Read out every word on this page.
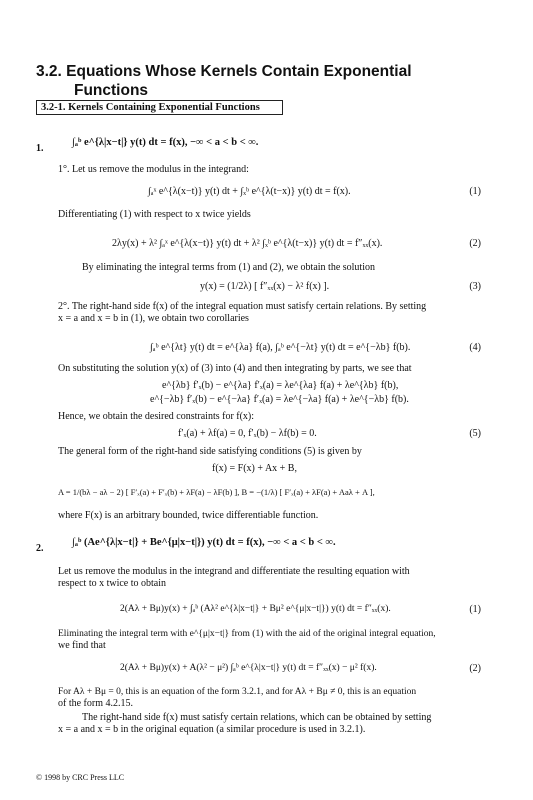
3.2. Equations Whose Kernels Contain Exponential
Functions
3.2-1. Kernels Containing Exponential Functions
1.
∫ₐᵇ e^{λ|x−t|} y(t) dt = f(x), −∞ < a < b < ∞.
1°. Let us remove the modulus in the integrand:
∫ₐˣ e^{λ(x−t)} y(t) dt + ∫ₓᵇ e^{λ(t−x)} y(t) dt = f(x).	(1)
Differentiating (1) with respect to x twice yields
2λy(x) + λ² ∫ₐˣ e^{λ(x−t)} y(t) dt + λ² ∫ₓᵇ e^{λ(t−x)} y(t) dt = f″ₓₓ(x).	(2)
By eliminating the integral terms from (1) and (2), we obtain the solution
y(x) = (1/2λ) [ f″ₓₓ(x) − λ² f(x) ].	(3)
2°. The right-hand side f(x) of the integral equation must satisfy certain relations. By setting
x = a and x = b in (1), we obtain two corollaries
∫ₐᵇ e^{λt} y(t) dt = e^{λa} f(a), ∫ₐᵇ e^{−λt} y(t) dt = e^{−λb} f(b).	(4)
On substituting the solution y(x) of (3) into (4) and then integrating by parts, we see that
e^{λb} f′ₓ(b) − e^{λa} f′ₓ(a) = λe^{λa} f(a) + λe^{λb} f(b),
e^{−λb} f′ₓ(b) − e^{−λa} f′ₓ(a) = λe^{−λa} f(a) + λe^{−λb} f(b).
Hence, we obtain the desired constraints for f(x):
f′ₓ(a) + λf(a) = 0, f′ₓ(b) − λf(b) = 0.	(5)
The general form of the right-hand side satisfying conditions (5) is given by
f(x) = F(x) + Ax + B,
A = 1/(bλ − aλ − 2) [ F′ₓ(a) + F′ₓ(b) + λF(a) − λF(b) ], B = −(1/λ) [ F′ₓ(a) + λF(a) + Aaλ + A ],
where F(x) is an arbitrary bounded, twice differentiable function.
2.
∫ₐᵇ (Ae^{λ|x−t|} + Be^{μ|x−t|}) y(t) dt = f(x), −∞ < a < b < ∞.
Let us remove the modulus in the integrand and differentiate the resulting equation with
respect to x twice to obtain
2(Aλ + Bμ)y(x) + ∫ₐᵇ (Aλ² e^{λ|x−t|} + Bμ² e^{μ|x−t|}) y(t) dt = f″ₓₓ(x).	(1)
Eliminating the integral term with e^{μ|x−t|} from (1) with the aid of the original integral equation,
we find that
2(Aλ + Bμ)y(x) + A(λ² − μ²) ∫ₐᵇ e^{λ|x−t|} y(t) dt = f″ₓₓ(x) − μ² f(x).	(2)
For Aλ + Bμ = 0, this is an equation of the form 3.2.1, and for Aλ + Bμ ≠ 0, this is an equation
of the form 4.2.15.
The right-hand side f(x) must satisfy certain relations, which can be obtained by setting
x = a and x = b in the original equation (a similar procedure is used in 3.2.1).
© 1998 by CRC Press LLC
